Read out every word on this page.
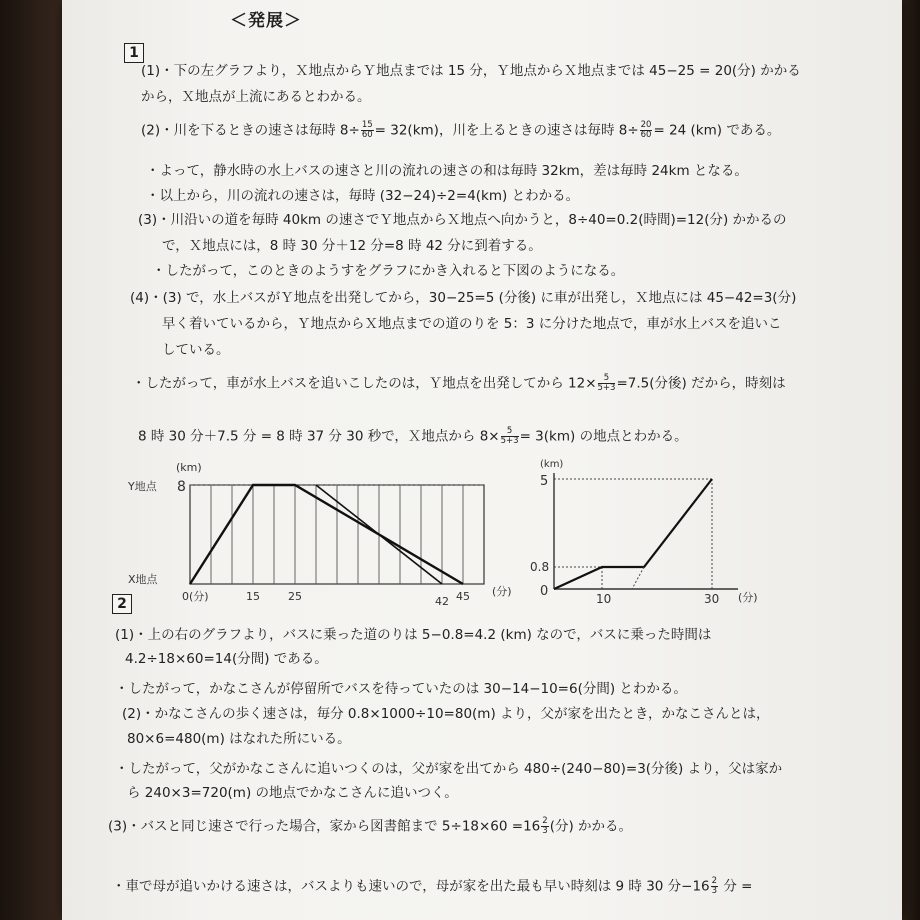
＜発展＞
1
(1)・下の左グラフより，Ｘ地点からＹ地点までは 15 分，Ｙ地点からＸ地点までは 45−25 = 20(分) かかる
から，Ｘ地点が上流にあるとわかる。
(2)・川を下るときの速さは毎時 $8\div \frac{15}{60} = 32(km)$，川を上るときの速さは毎時 $8\div \frac{20}{60} = 24$ (km) である。
・よって，静水時の水上バスの速さと川の流れの速さの和は毎時 32km，差は毎時 24km となる。
・以上から，川の流れの速さは，毎時 (32−24)÷2=4(km) とわかる。
(3)・川沿いの道を毎時 40km の速さでＹ地点からＸ地点へ向かうと，8÷40=0.2(時間)=12(分) かかるの
で，Ｘ地点には，8 時 30 分＋12 分=8 時 42 分に到着する。
・したがって，このときのようすをグラフにかき入れると下図のようになる。
(4)・(3) で，水上バスがＹ地点を出発してから，30−25=5 (分後) に車が出発し，Ｘ地点には 45−42=3(分)
早く着いているから，Ｙ地点からＸ地点までの道のりを 5：3 に分けた地点で，車が水上バスを追いこ
している。
・したがって，車が水上バスを追いこしたのは，Ｙ地点を出発してから $12\times \frac{5}{5+3} =7.5$(分後) だから，時刻は
8 時 30 分＋7.5 分 = 8 時 37 分 30 秒で，Ｘ地点から $8\times \frac{5}{5+3} = 3(km)$ の地点とわかる。
Y地点 8
(km)
X地点
0(分)	15	25	42 45 (分)
(km)
5
0.8
0	10	30 (分)
2
(1)・上の右のグラフより，バスに乗った道のりは 5−0.8=4.2 (km) なので，バスに乗った時間は
4.2÷18×60=14(分間) である。
・したがって，かなこさんが停留所でバスを待っていたのは 30−14−10=6(分間) とわかる。
(2)・かなこさんの歩く速さは，毎分 0.8×1000÷10=80(m) より，父が家を出たとき，かなこさんとは，
80×6=480(m) はなれた所にいる。
・したがって，父がかなこさんに追いつくのは，父が家を出てから 480÷(240−80)=3(分後) より，父は家か
ら 240×3=720(m) の地点でかなこさんに追いつく。
(3)・バスと同じ速さで行った場合，家から図書館まで $5\div 18\times 60 =16 \frac{2}{3}$ (分) かかる。
・車で母が追いかける速さは，バスよりも速いので，母が家を出た最も早い時刻は 9 時 30 分$-16 \frac{2}{3}$ 分 =
